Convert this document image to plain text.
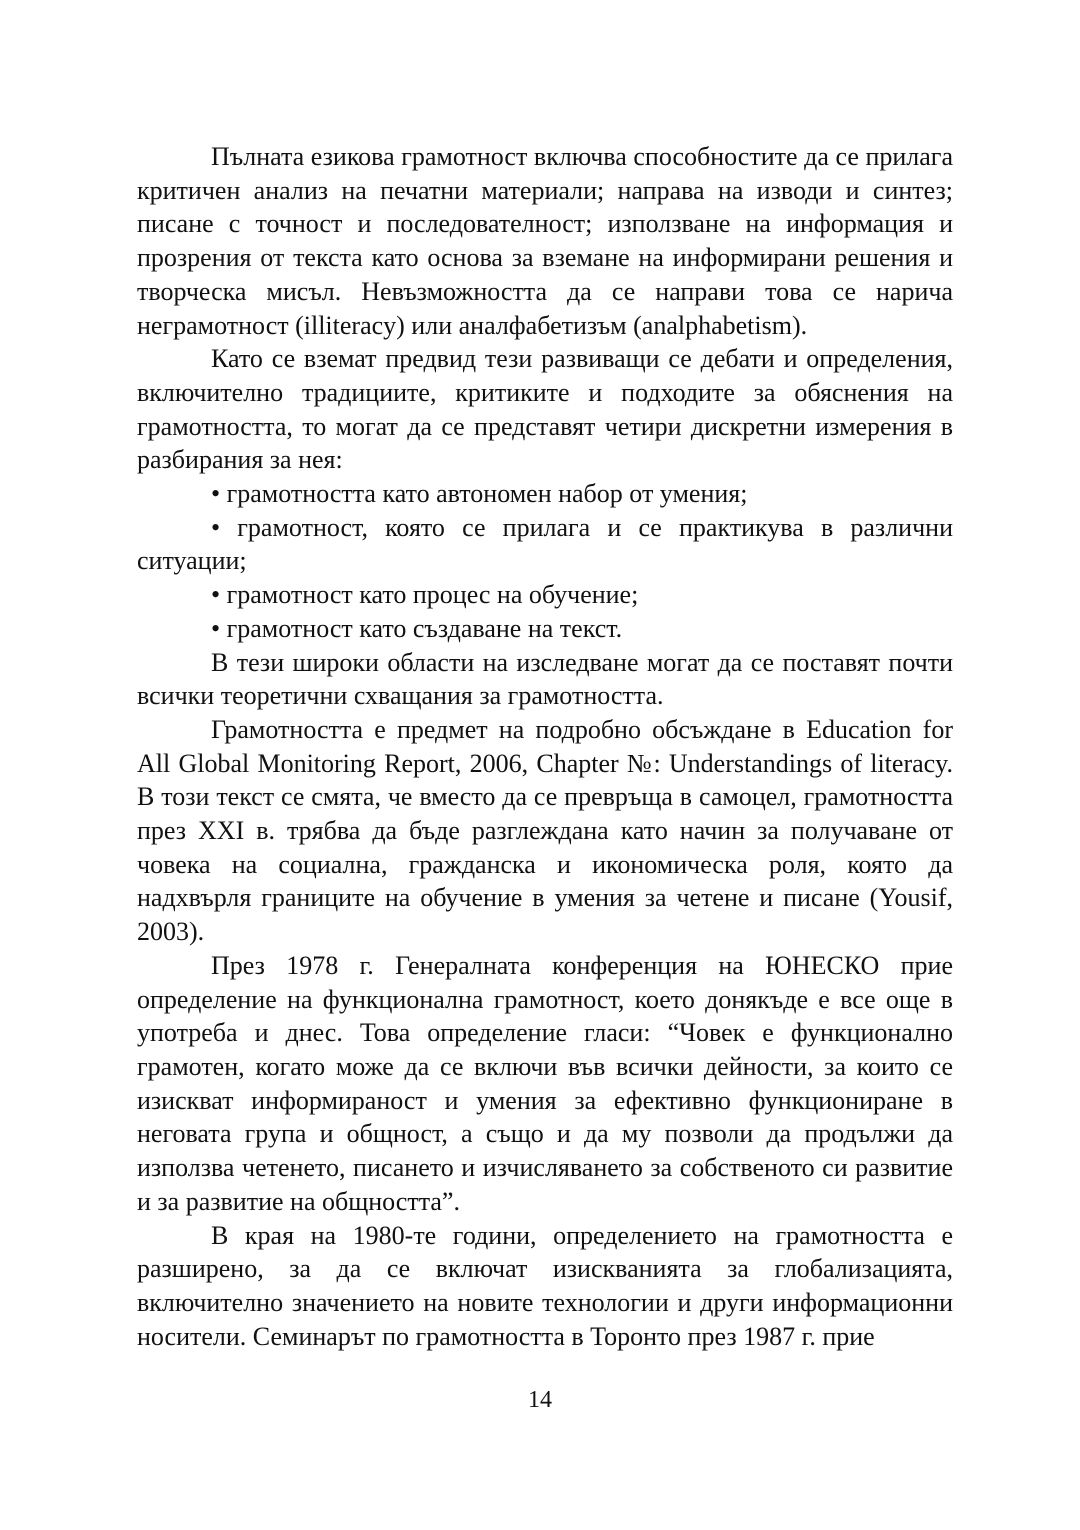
Пълната езикова грамотност включва способностите да се прилага критичен анализ на печатни материали; направа на изводи и синтез; писане с точност и последователност; използване на информация и прозрения от текста като основа за вземане на информирани решения и творческа мисъл. Невъзможността да се направи това се нарича неграмотност (illiteracy) или аналфабетизъм (analphabetism).

Като се вземат предвид тези развиващи се дебати и определения, включително традициите, критиките и подходите за обяснения на грамотността, то могат да се представят четири дискретни измерения в разбирания за нея:

• грамотността като автономен набор от умения;

• грамотност, която се прилага и се практикува в различни ситуации;

• грамотност като процес на обучение;

• грамотност като създаване на текст.

В тези широки области на изследване могат да се поставят почти всички теоретични схващания за грамотността.

Грамотността е предмет на подробно обсъждане в Education for All Global Monitoring Report, 2006, Chapter №: Understandings of literacy. В този текст се смята, че вместо да се превръща в самоцел, грамотността през XXI в. трябва да бъде разглеждана като начин за получаване от човека на социална, гражданска и икономическа роля, която да надхвърля границите на обучение в умения за четене и писане (Yousif, 2003).

През 1978 г. Генералната конференция на ЮНЕСКО прие определение на функционална грамотност, което донякъде е все още в употреба и днес. Това определение гласи: “Човек е функционално грамотен, когато може да се включи във всички дейности, за които се изискват информираност и умения за ефективно функциониране в неговата група и общност, а също и да му позволи да продължи да използва четенето, писането и изчисляването за собственото си развитие и за развитие на общността”.

В края на 1980-те години, определението на грамотността е разширено, за да се включат изискванията за глобализацията, включително значението на новите технологии и други информационни носители. Семинарът по грамотността в Торонто през 1987 г. прие

14
